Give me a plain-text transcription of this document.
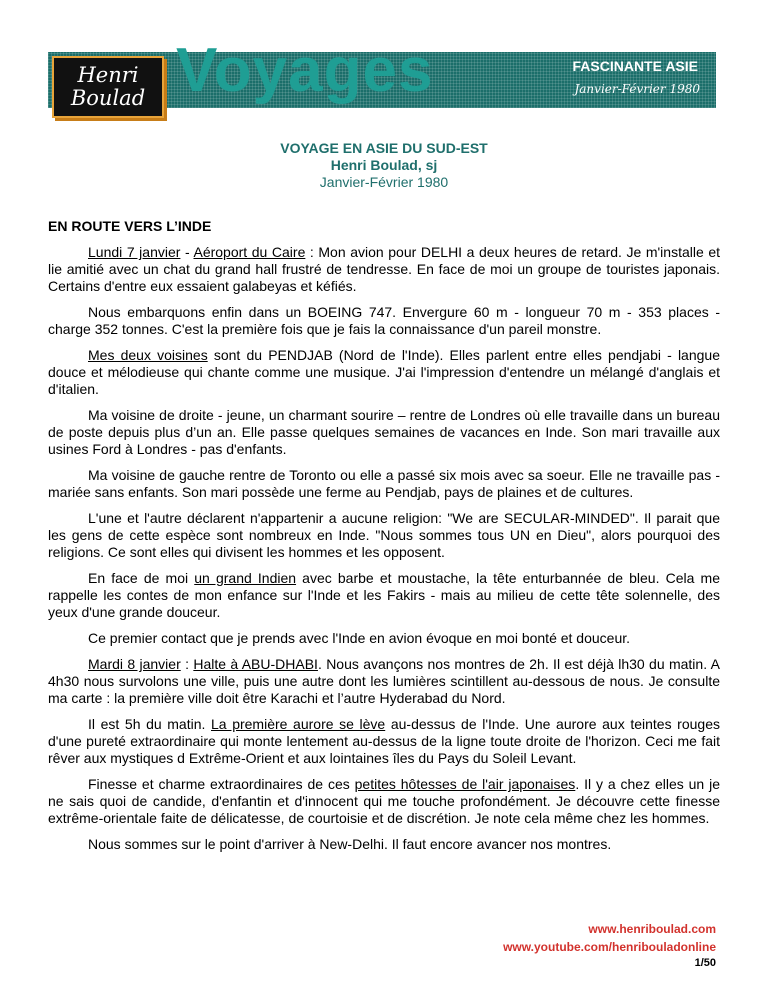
Henri
Boulad Voyages	FASCINANTE ASIE
Janvier-Février 1980
VOYAGE EN ASIE DU SUD-EST
Henri Boulad, sj
Janvier-Février 1980
EN ROUTE VERS L’INDE

Lundi 7 janvier - Aéroport du Caire : Mon avion pour DELHI a deux heures de retard. Je m'installe et lie amitié avec un chat du grand hall frustré de tendresse. En face de moi un groupe de touristes japonais. Certains d'entre eux essaient galabeyas et kéfiés.

Nous embarquons enfin dans un BOEING 747. Envergure 60 m - longueur 70 m - 353 places - charge 352 tonnes. C'est la première fois que je fais la connaissance d'un pareil monstre.

Mes deux voisines sont du PENDJAB (Nord de l'Inde). Elles parlent entre elles pendjabi - langue douce et mélodieuse qui chante comme une musique. J'ai l'impression d'entendre un mélangé d'anglais et d'italien.

Ma voisine de droite - jeune, un charmant sourire – rentre de Londres où elle travaille dans un bureau de poste depuis plus d’un an. Elle passe quelques semaines de vacances en Inde. Son mari travaille aux usines Ford à Londres - pas d'enfants.

Ma voisine de gauche rentre de Toronto ou elle a passé six mois avec sa soeur. Elle ne travaille pas - mariée sans enfants. Son mari possède une ferme au Pendjab, pays de plaines et de cultures.

L'une et l'autre déclarent n'appartenir a aucune religion: "We are SECULAR-MINDED". Il parait que les gens de cette espèce sont nombreux en Inde. "Nous sommes tous UN en Dieu", alors pourquoi des religions. Ce sont elles qui divisent les hommes et les opposent.

En face de moi un grand Indien avec barbe et moustache, la tête enturbannée de bleu. Cela me rappelle les contes de mon enfance sur l'Inde et les Fakirs - mais au milieu de cette tête solennelle, des yeux d'une grande douceur.

Ce premier contact que je prends avec l'Inde en avion évoque en moi bonté et douceur.

Mardi 8 janvier : Halte à ABU-DHABI. Nous avançons nos montres de 2h. Il est déjà lh30 du matin. A 4h30 nous survolons une ville, puis une autre dont les lumières scintillent au-dessous de nous. Je consulte ma carte : la première ville doit être Karachi et l’autre Hyderabad du Nord.

Il est 5h du matin. La première aurore se lève au-dessus de l'Inde. Une aurore aux teintes rouges d'une pureté extraordinaire qui monte lentement au-dessus de la ligne toute droite de l'horizon. Ceci me fait rêver aux mystiques d Extrême-Orient et aux lointaines îles du Pays du Soleil Levant.

Finesse et charme extraordinaires de ces petites hôtesses de l'air japonaises. Il y a chez elles un je ne sais quoi de candide, d'enfantin et d'innocent qui me touche profondément. Je découvre cette finesse extrême-orientale faite de délicatesse, de courtoisie et de discrétion. Je note cela même chez les hommes.

Nous sommes sur le point d'arriver à New-Delhi. Il faut encore avancer nos montres.

www.henriboulad.com
www.youtube.com/henribouladonline
1/50
